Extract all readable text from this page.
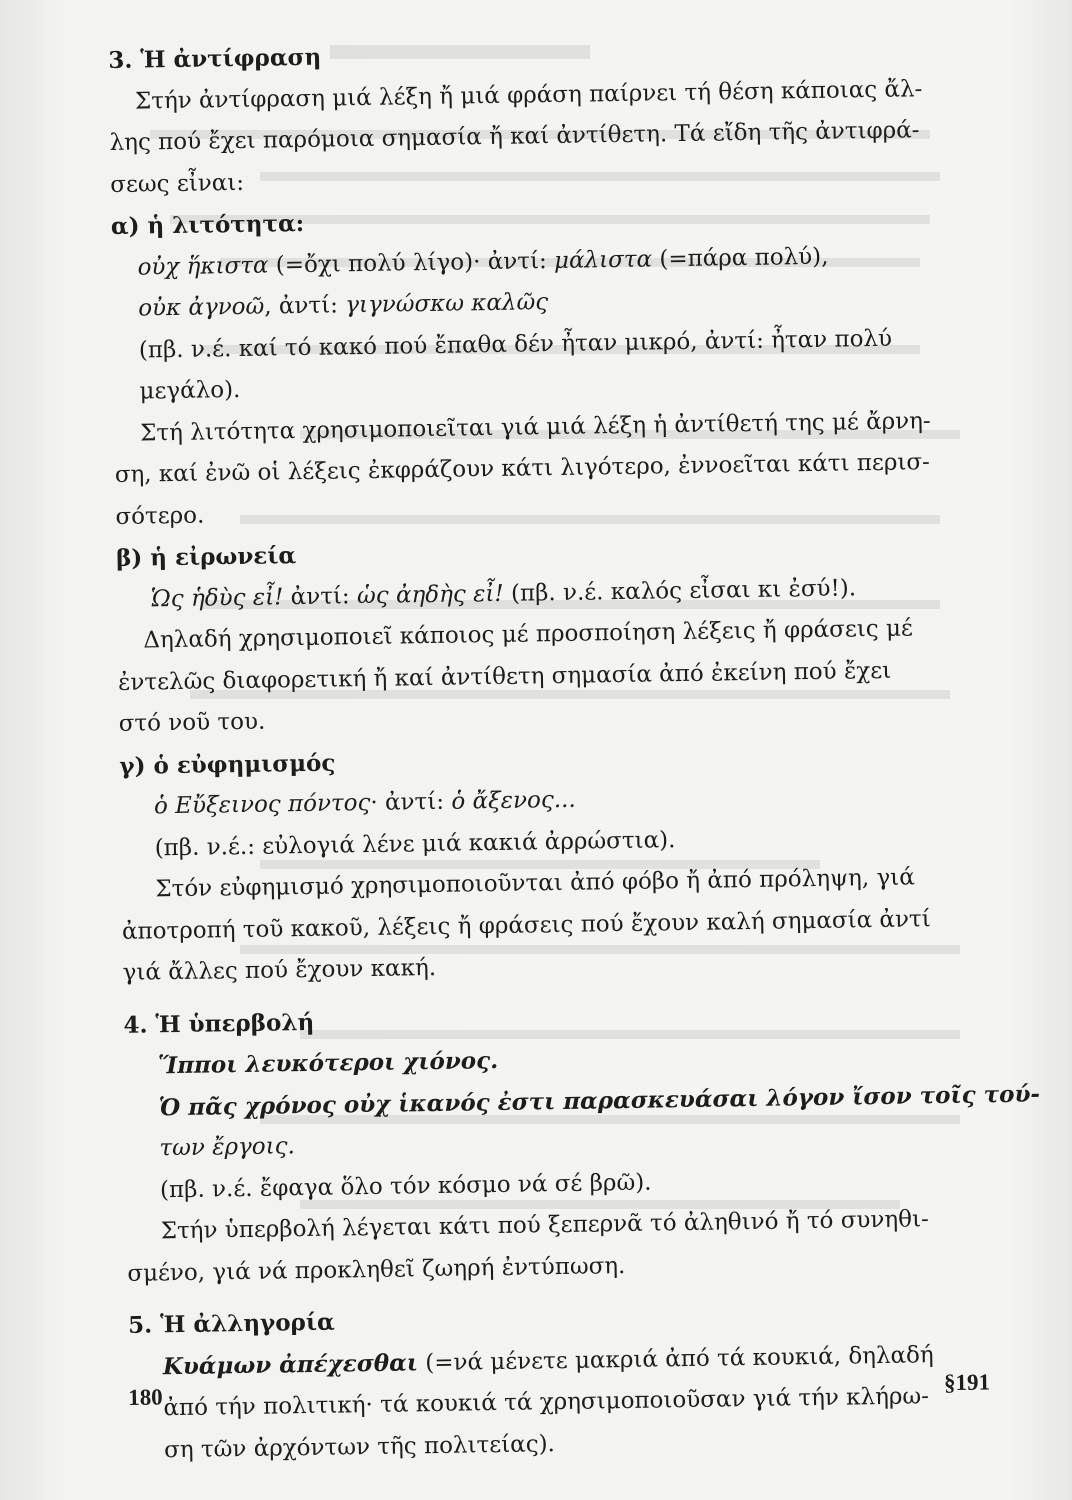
3. Ἡ ἀντίφραση
Στήν ἀντίφραση μιά λέξη ἤ μιά φράση παίρνει τή θέση κάποιας ἄλ-
λης πού ἔχει παρόμοια σημασία ἤ καί ἀντίθετη. Τά εἴδη τῆς ἀντιφρά-
σεως εἶναι:
α) ἡ λιτότητα:
οὐχ ἥκιστα (=ὄχι πολύ λίγο)· ἀντί: μάλιστα (=πάρα πολύ),
οὐκ ἀγνοῶ, ἀντί: γιγνώσκω καλῶς
(πβ. ν.έ. καί τό κακό πού ἔπαθα δέν ἦταν μικρό, ἀντί: ἦταν πολύ
μεγάλο).
Στή λιτότητα χρησιμοποιεῖται γιά μιά λέξη ἡ ἀντίθετή της μέ ἄρνη-
ση, καί ἐνῶ οἱ λέξεις ἐκφράζουν κάτι λιγότερο, ἐννοεῖται κάτι περισ-
σότερο.
β) ἡ εἰρωνεία
Ὡς ἡδὺς εἶ! ἀντί: ὡς ἀηδὴς εἶ! (πβ. ν.έ. καλός εἶσαι κι ἐσύ!).
Δηλαδή χρησιμοποιεῖ κάποιος μέ προσποίηση λέξεις ἤ φράσεις μέ
ἐντελῶς διαφορετική ἤ καί ἀντίθετη σημασία ἀπό ἐκείνη πού ἔχει
στό νοῦ του.
γ) ὁ εὐφημισμός
ὁ Εὔξεινος πόντος· ἀντί: ὁ ἄξενος...
(πβ. ν.έ.: εὐλογιά λένε μιά κακιά ἀρρώστια).
Στόν εὐφημισμό χρησιμοποιοῦνται ἀπό φόβο ἤ ἀπό πρόληψη, γιά
ἀποτροπή τοῦ κακοῦ, λέξεις ἤ φράσεις πού ἔχουν καλή σημασία ἀντί
γιά ἄλλες πού ἔχουν κακή.
4. Ἡ ὑπερβολή
Ἵπποι λευκότεροι χιόνος.
Ὁ πᾶς χρόνος οὐχ ἱκανός ἐστι παρασκευάσαι λόγον ἴσον τοῖς τού-
των ἔργοις.
(πβ. ν.έ. ἔφαγα ὅλο τόν κόσμο νά σέ βρῶ).
Στήν ὑπερβολή λέγεται κάτι πού ξεπερνᾶ τό ἀληθινό ἤ τό συνηθι-
σμένο, γιά νά προκληθεῖ ζωηρή ἐντύπωση.
5. Ἡ ἀλληγορία
Κυάμων ἀπέχεσθαι (=νά μένετε μακριά ἀπό τά κουκιά, δηλαδή
ἀπό τήν πολιτική· τά κουκιά τά χρησιμοποιοῦσαν γιά τήν κλήρω-
ση τῶν ἀρχόντων τῆς πολιτείας).
180
§191
